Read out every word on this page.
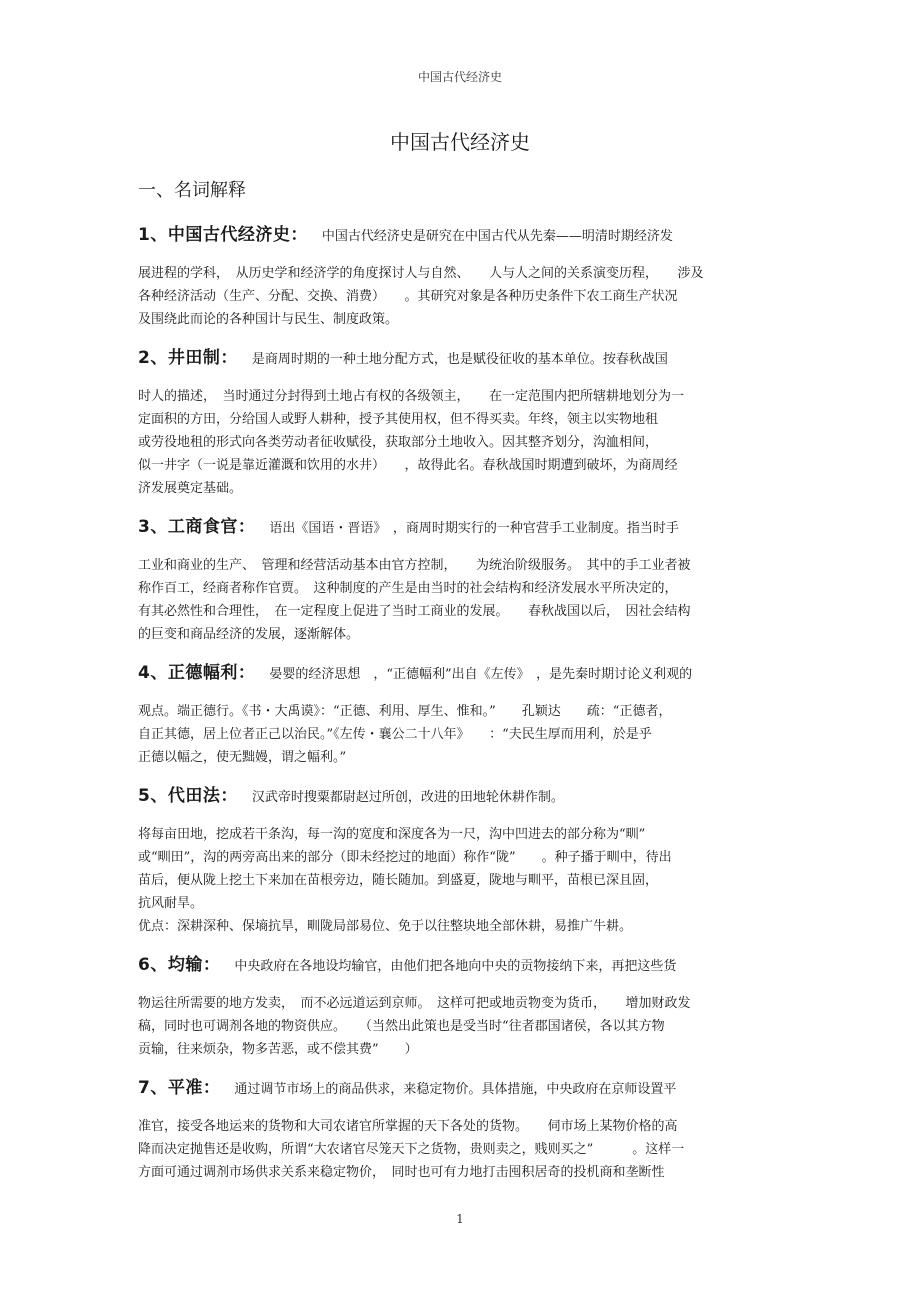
中国古代经济史
中国古代经济史
一、名词解释
1、中国古代经济史： 中国古代经济史是研究在中国古代从先秦——明清时期经济发
展进程的学科，　从历史学和经济学的角度探讨人与自然、　　人与人之间的关系演变历程，　　涉及
各种经济活动（生产、分配、交换、消费）　　。其研究对象是各种历史条件下农工商生产状况
及围绕此而论的各种国计与民生、制度政策。
2、井田制： 是商周时期的一种土地分配方式，也是赋役征收的基本单位。按春秋战国
时人的描述，　当时通过分封得到土地占有权的各级领主，　　在一定范围内把所辖耕地划分为一
定面积的方田，分给国人或野人耕种，授予其使用权，但不得买卖。年终，领主以实物地租
或劳役地租的形式向各类劳动者征收赋役，获取部分土地收入。因其整齐划分，沟洫相间，
似一井字（一说是靠近灌溉和饮用的水井）　　，故得此名。春秋战国时期遭到破坏，为商周经
济发展奠定基础。
3、工商食官： 语出《国语・晋语》　，商周时期实行的一种官营手工业制度。指当时手
工业和商业的生产、　管理和经营活动基本由官方控制，　　为统治阶级服务。　其中的手工业者被
称作百工，经商者称作官贾。　这种制度的产生是由当时的社会结构和经济发展水平所决定的，
有其必然性和合理性，　在一定程度上促进了当时工商业的发展。　　春秋战国以后，　因社会结构
的巨变和商品经济的发展，逐渐解体。
4、正德幅利： 晏婴的经济思想　，“正德幅利”出自《左传》　，是先秦时期讨论义利观的
观点。端正德行。《书・大禹谟》：“正德、利用、厚生、惟和。”　　孔颖达　　疏：“正德者，
自正其德，居上位者正己以治民。”《左传・襄公二十八年》　　：“夫民生厚而用利，於是乎
正德以幅之，使无黜嫚，谓之幅利。”
5、代田法： 汉武帝时搜粟都尉赵过所创，改进的田地轮休耕作制。
将每亩田地，挖成若干条沟，每一沟的宽度和深度各为一尺，沟中凹进去的部分称为“甽”
或“甽田”，沟的两旁高出来的部分（即未经挖过的地面）称作“陇”　　。种子播于甽中，待出
苗后，便从陇上挖土下来加在苗根旁边，随长随加。到盛夏，陇地与甽平，苗根已深且固，
抗风耐旱。
优点：深耕深种、保墒抗旱，甽陇局部易位、免于以往整块地全部休耕，易推广牛耕。
6、均输： 中央政府在各地设均输官，由他们把各地向中央的贡物接纳下来，再把这些货
物运往所需要的地方发卖，　而不必远道运到京师。　这样可把或地贡物变为货币，　　增加财政发
稿，同时也可调剂各地的物资供应。　　（当然出此策也是受当时“往者郡国诸侯，各以其方物
贡输，往来烦杂，物多苦恶，或不偿其费”　　）
7、平准： 通过调节市场上的商品供求，来稳定物价。具体措施，中央政府在京师设置平
准官，接受各地运来的货物和大司农诸官所掌握的天下各处的货物。　　伺市场上某物价格的高
降而决定抛售还是收购，所谓“大农诸官尽笼天下之货物，贵则卖之，贱则买之”　　　。这样一
方面可通过调剂市场供求关系来稳定物价，　同时也可有力地打击囤积居奇的投机商和垄断性
1
